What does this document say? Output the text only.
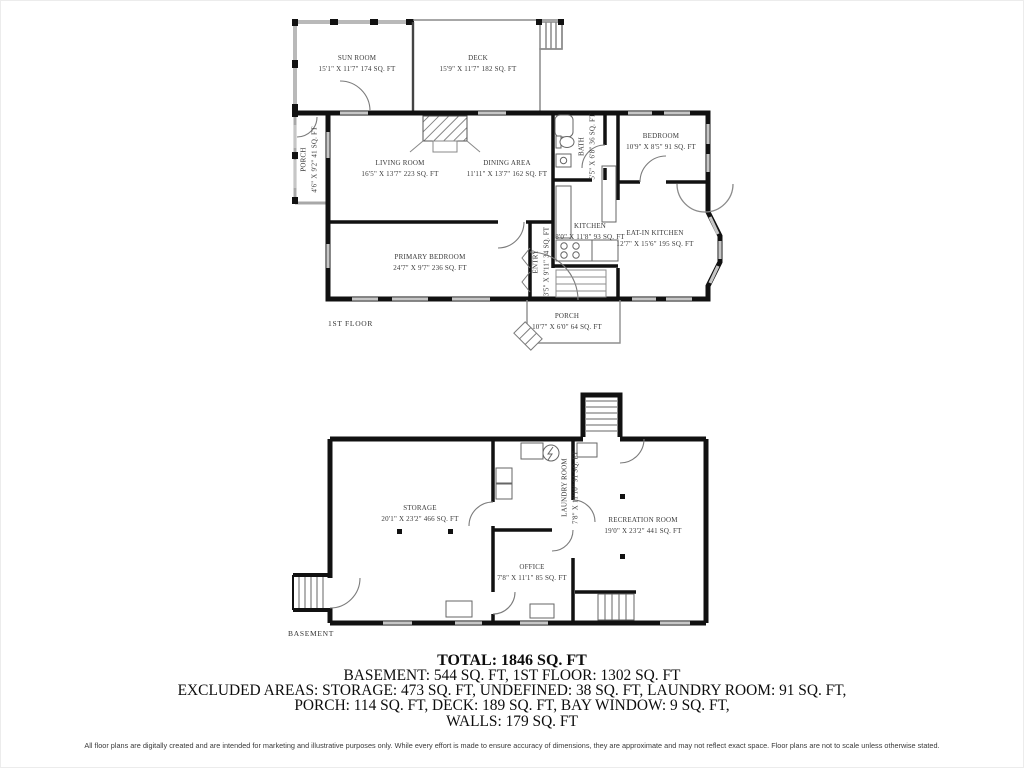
SUN ROOM
15'1" X 11'7" 174 SQ. FT
DECK
15'9" X 11'7" 182 SQ. FT
PORCH 4'6" X 9'2" 41 SQ. FT	LIVING ROOM
16'5" X 13'7" 223 SQ. FT
DINING AREA
11'11" X 13'7" 162 SQ. FT
BATH 5'5" X 6'8" 36 SQ. FT	BEDROOM
10'9" X 8'5" 91 SQ. FT
KITCHEN
8'0" X 11'8" 93 SQ. FT EAT-IN KITCHEN
12'7" X 15'6" 195 SQ. FT
PRIMARY BEDROOM
24'7" X 9'7" 236 SQ. FT	ENTRY 3'5" X 9'11" 34 SQ. FT
PORCH
10'7" X 6'0" 64 SQ. FT
1ST FLOOR
STORAGE
20'1" X 23'2" 466 SQ. FT
LAUNDRY ROOM 7'8" X 11'10" 91 SQ. FT	RECREATION ROOM
19'0" X 23'2" 441 SQ. FT
OFFICE
7'8" X 11'1" 85 SQ. FT
BASEMENT
TOTAL: 1846 SQ. FT
BASEMENT: 544 SQ. FT, 1ST FLOOR: 1302 SQ. FT
EXCLUDED AREAS: STORAGE: 473 SQ. FT, UNDEFINED: 38 SQ. FT, LAUNDRY ROOM: 91 SQ. FT,
PORCH: 114 SQ. FT, DECK: 189 SQ. FT, BAY WINDOW: 9 SQ. FT,
WALLS: 179 SQ. FT
All floor plans are digitally created and are intended for marketing and illustrative purposes only. While every effort is made to ensure accuracy of dimensions, they are approximate and may not reflect exact space. Floor plans are not to scale unless otherwise stated.
